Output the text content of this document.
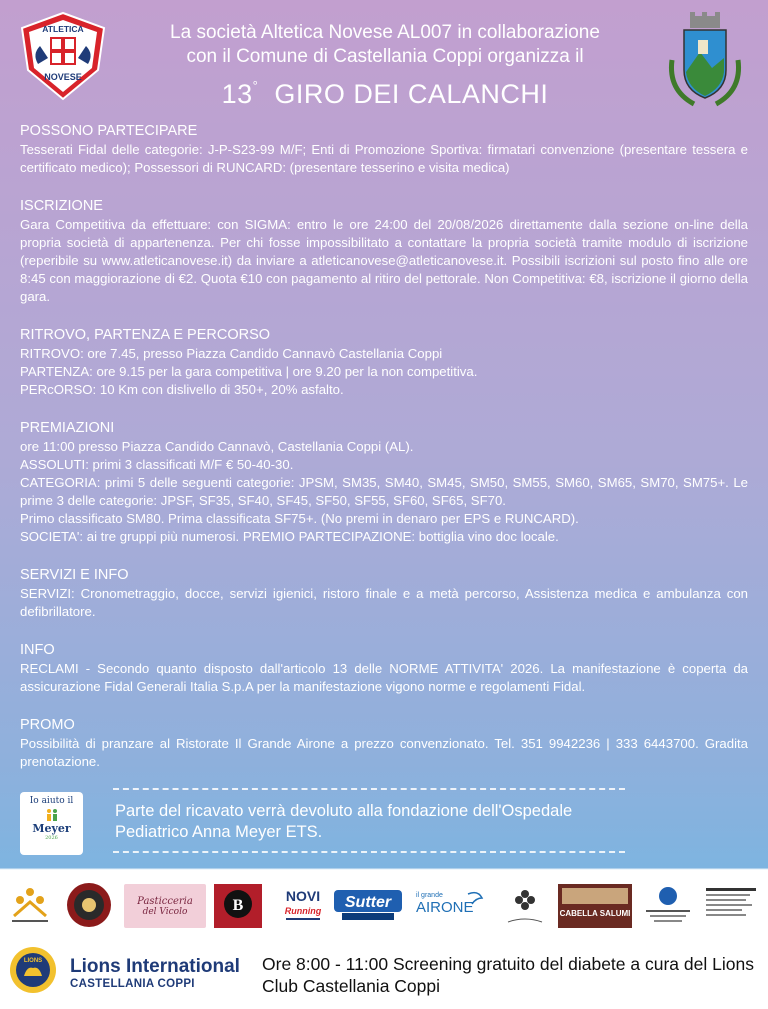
ATLETICA
NOVESE
La società Altetica Novese AL007 in collaborazione
con il Comune di Castellania Coppi organizza il
13° GIRO DEI CALANCHI
POSSONO PARTECIPARE
Tesserati Fidal delle categorie: J-P-S23-99 M/F; Enti di Promozione Sportiva: firmatari convenzione (presentare tessera e certificato medico); Possessori di RUNCARD: (presentare tesserino e visita medica)
ISCRIZIONE
Gara Competitiva da effettuare: con SIGMA: entro le ore 24:00 del 20/08/2026 direttamente dalla sezione on-line della propria società di appartenenza. Per chi fosse impossibilitato a contattare la propria società tramite modulo di iscrizione (reperibile su www.atleticanovese.it) da inviare a atleticanovese@atleticanovese.it. Possibili iscrizioni sul posto fino alle ore 8:45 con maggiorazione di €2. Quota €10 con pagamento al ritiro del pettorale. Non Competitiva: €8, iscrizione il giorno della gara.
RITROVO, PARTENZA E PERCORSO
RITROVO: ore 7.45, presso Piazza Candido Cannavò Castellania Coppi
PARTENZA: ore 9.15 per la gara competitiva | ore 9.20 per la non competitiva.
PERcORSO: 10 Km con dislivello di 350+, 20% asfalto.
PREMIAZIONI
ore 11:00 presso Piazza Candido Cannavò, Castellania Coppi (AL).
ASSOLUTI: primi 3 classificati M/F € 50-40-30.
CATEGORIA: primi 5 delle seguenti categorie: JPSM, SM35, SM40, SM45, SM50, SM55, SM60, SM65, SM70, SM75+. Le prime 3 delle categorie: JPSF, SF35, SF40, SF45, SF50, SF55, SF60, SF65, SF70.
Primo classificato SM80. Prima classificata SF75+. (No premi in denaro per EPS e RUNCARD).
SOCIETA': ai tre gruppi più numerosi. PREMIO PARTECIPAZIONE: bottiglia vino doc locale.
SERVIZI E INFO
SERVIZI: Cronometraggio, docce, servizi igienici, ristoro finale e a metà percorso, Assistenza medica e ambulanza con defibrillatore.
INFO
RECLAMI - Secondo quanto disposto dall'articolo 13 delle NORME ATTIVITA' 2026. La manifestazione è coperta da assicurazione Fidal Generali Italia S.p.A per la manifestazione vigono norme e regolamenti Fidal.
PROMO
Possibilità di pranzare al Ristorate Il Grande Airone a prezzo convenzionato. Tel. 351 9942236 | 333 6443700. Gradita prenotazione.
Io aiuto il
Meyer
2026
Parte del ricavato verrà devoluto alla fondazione dell'Ospedale Pediatrico Anna Meyer ETS.
Pasticceria
del Vicolo	B
NOVI
Running Sutter	il grande
AIRONE	CABELLA SALUMI
LIONS Lions International
CASTELLANIA COPPI
Ore 8:00 - 11:00 Screening gratuito del diabete a cura del Lions Club Castellania Coppi
